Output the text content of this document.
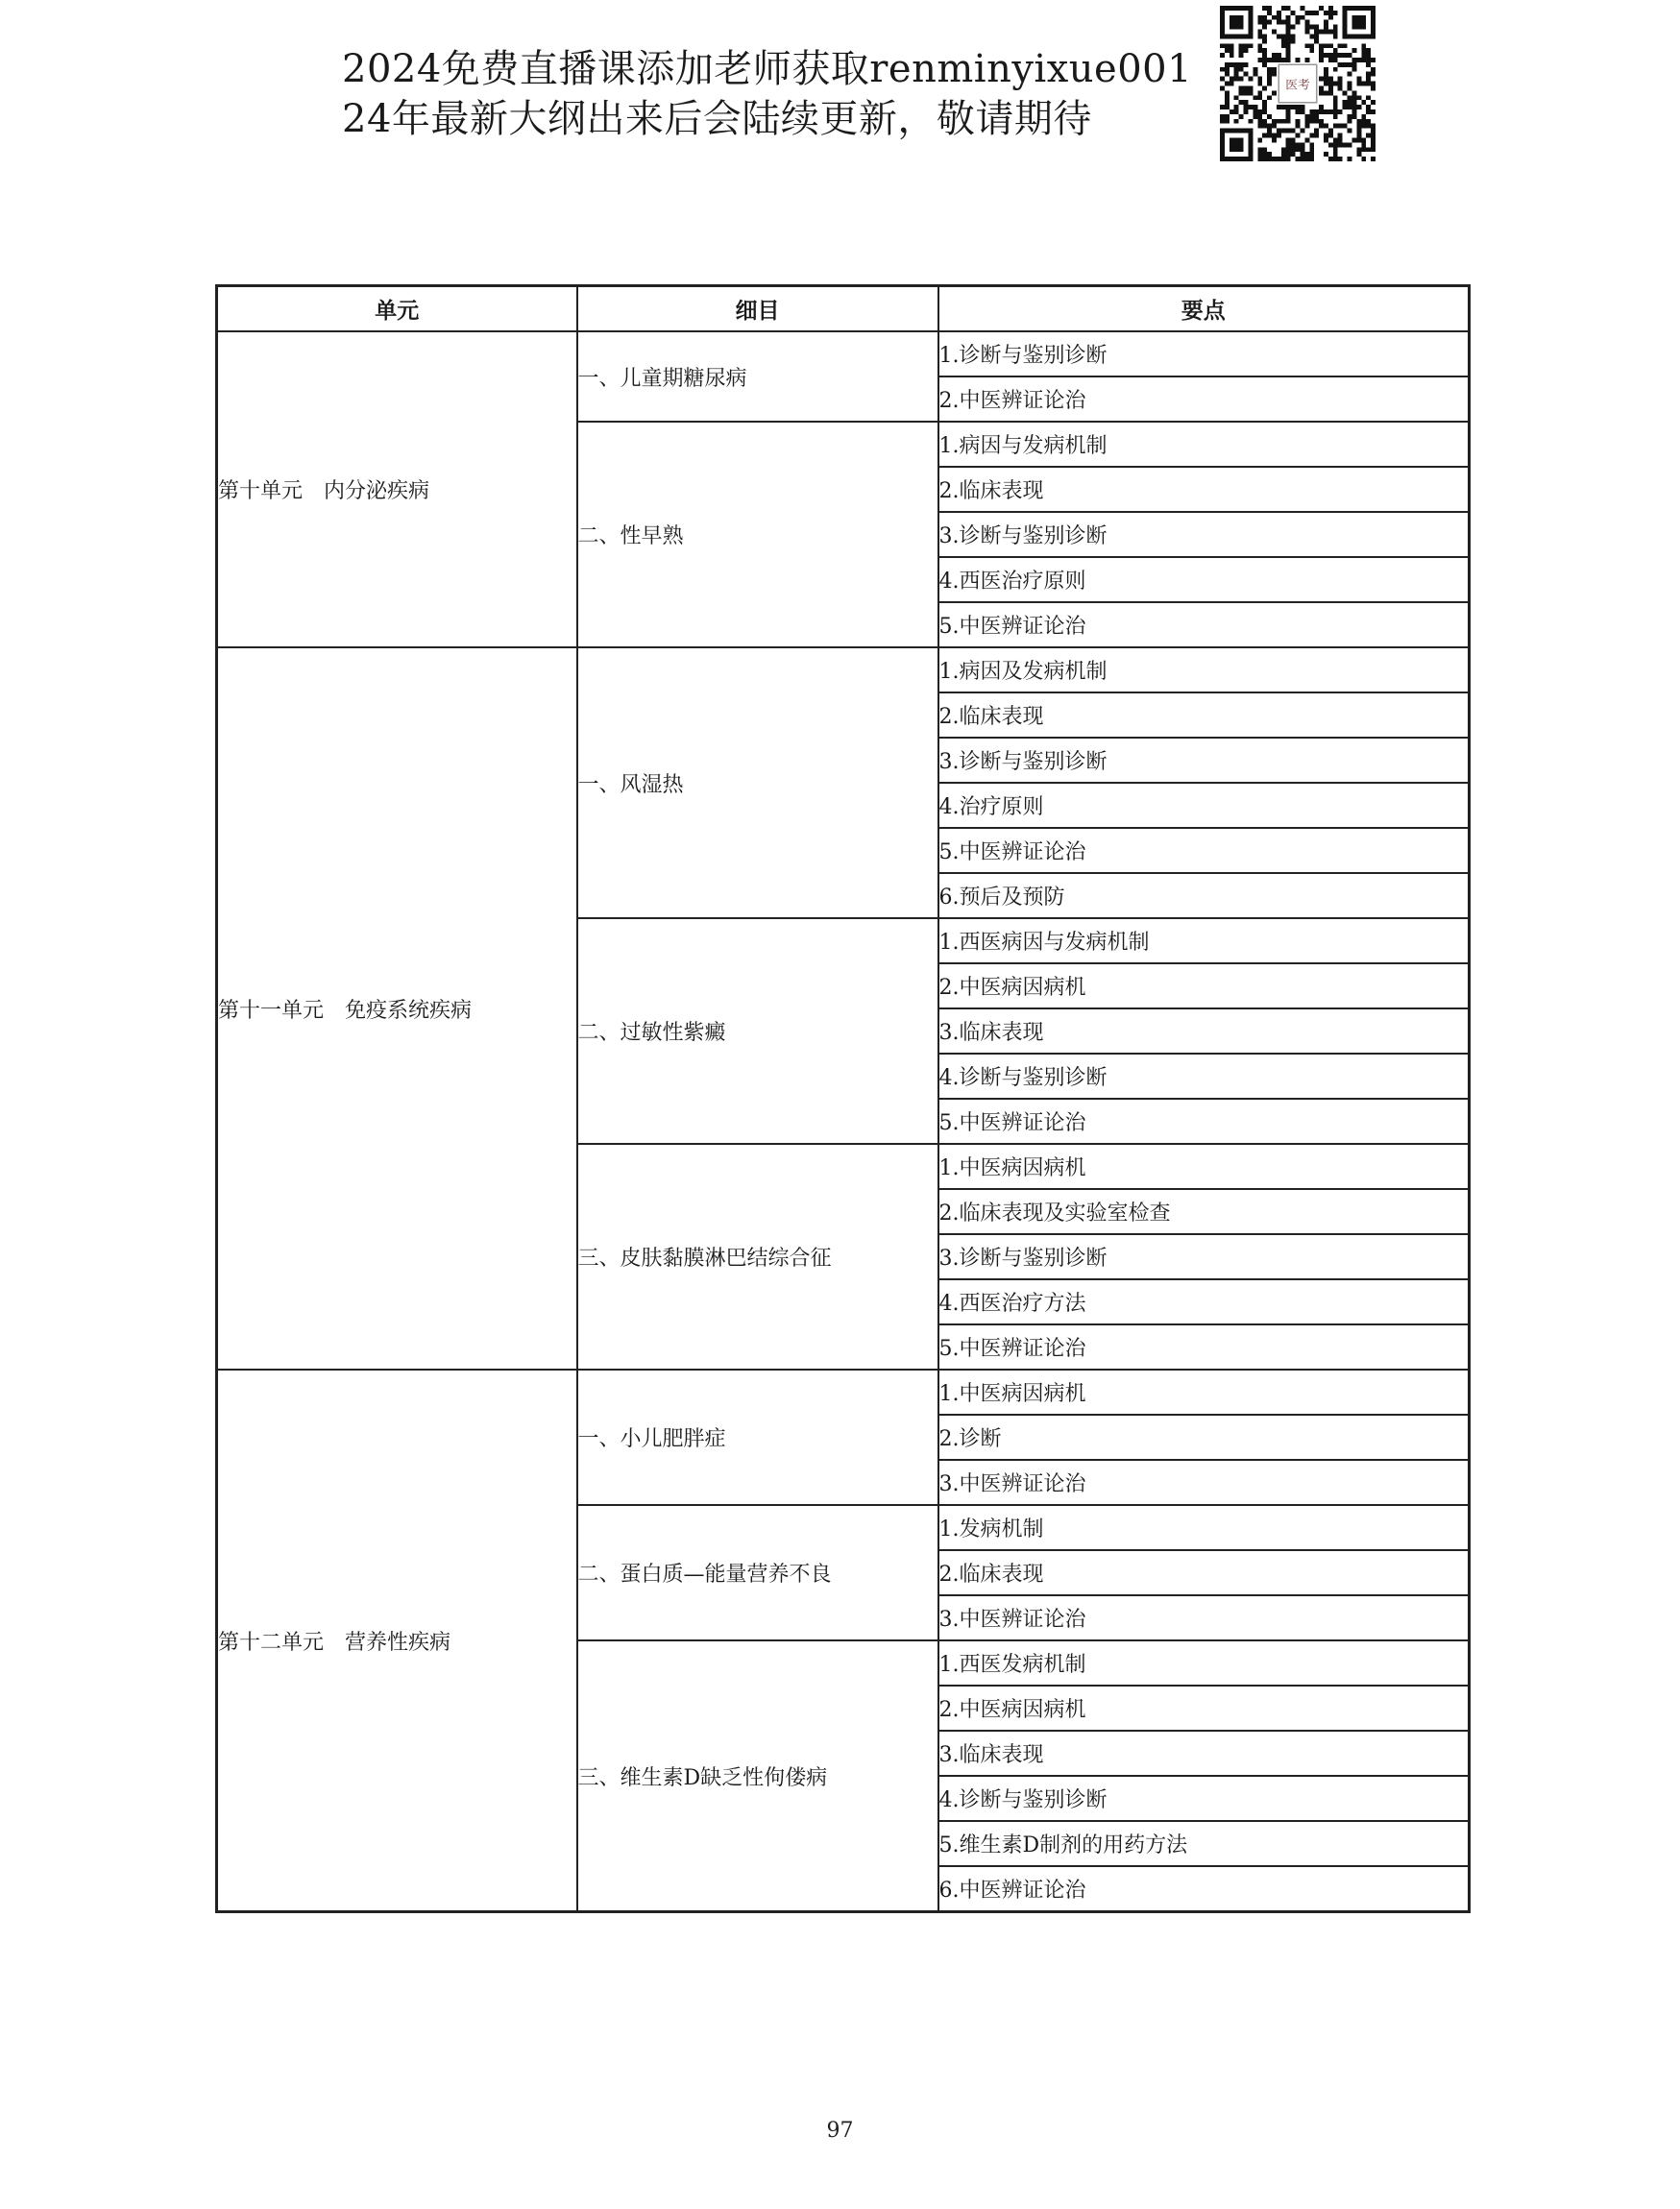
2024免费直播课添加老师获取renminyixue001
24年最新大纲出来后会陆续更新，敬请期待
医考
单元	细目	要点
第十单元　内分泌疾病	一、儿童期糖尿病	1.诊断与鉴别诊断
		2.中医辨证论治
	二、性早熟	1.病因与发病机制
		2.临床表现
		3.诊断与鉴别诊断
		4.西医治疗原则
		5.中医辨证论治
第十一单元　免疫系统疾病	一、风湿热	1.病因及发病机制
		2.临床表现
		3.诊断与鉴别诊断
		4.治疗原则
		5.中医辨证论治
		6.预后及预防
	二、过敏性紫癜	1.西医病因与发病机制
		2.中医病因病机
		3.临床表现
		4.诊断与鉴别诊断
		5.中医辨证论治
	三、皮肤黏膜淋巴结综合征	1.中医病因病机
		2.临床表现及实验室检查
		3.诊断与鉴别诊断
		4.西医治疗方法
		5.中医辨证论治
第十二单元　营养性疾病	一、小儿肥胖症	1.中医病因病机
		2.诊断
		3.中医辨证论治
	二、蛋白质—能量营养不良	1.发病机制
		2.临床表现
		3.中医辨证论治
	三、维生素D缺乏性佝偻病	1.西医发病机制
		2.中医病因病机
		3.临床表现
		4.诊断与鉴别诊断
		5.维生素D制剂的用药方法
		6.中医辨证论治
97
